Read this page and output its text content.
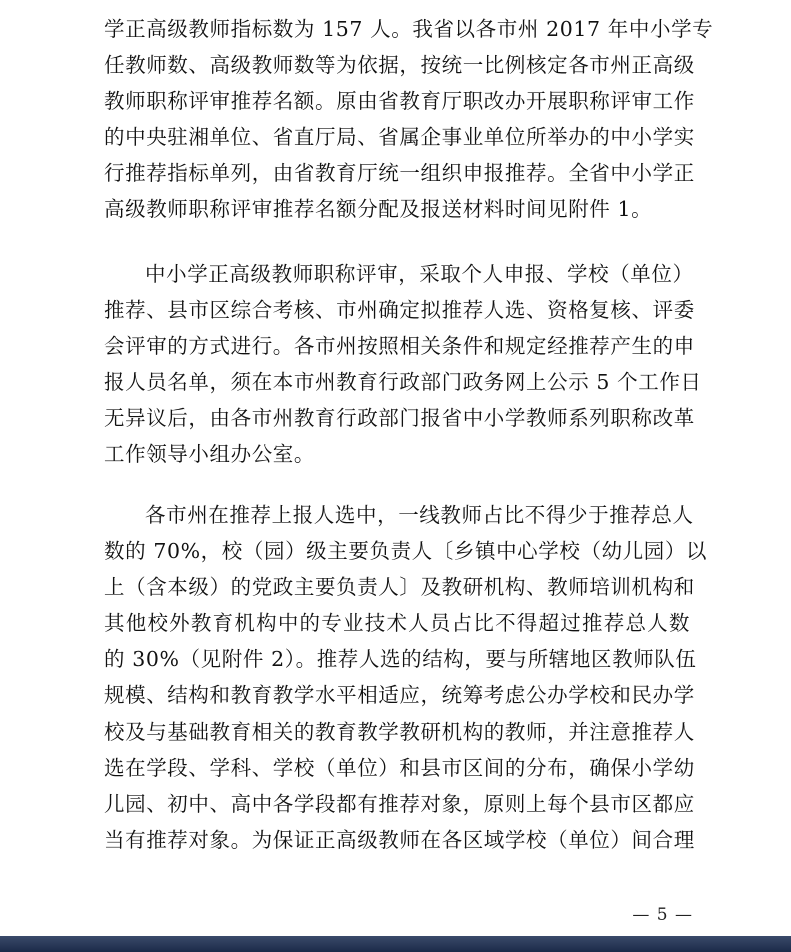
学正高级教师指标数为 157 人。我省以各市州 2017 年中小学专
任教师数、高级教师数等为依据，按统一比例核定各市州正高级
教师职称评审推荐名额。原由省教育厅职改办开展职称评审工作
的中央驻湘单位、省直厅局、省属企事业单位所举办的中小学实
行推荐指标单列，由省教育厅统一组织申报推荐。全省中小学正
高级教师职称评审推荐名额分配及报送材料时间见附件 1。
中小学正高级教师职称评审，采取个人申报、学校（单位）
推荐、县市区综合考核、市州确定拟推荐人选、资格复核、评委
会评审的方式进行。各市州按照相关条件和规定经推荐产生的申
报人员名单，须在本市州教育行政部门政务网上公示 5 个工作日
无异议后，由各市州教育行政部门报省中小学教师系列职称改革
工作领导小组办公室。
各市州在推荐上报人选中，一线教师占比不得少于推荐总人
数的 70%，校（园）级主要负责人〔乡镇中心学校（幼儿园）以
上（含本级）的党政主要负责人〕及教研机构、教师培训机构和
其他校外教育机构中的专业技术人员占比不得超过推荐总人数
的 30%（见附件 2）。推荐人选的结构，要与所辖地区教师队伍
规模、结构和教育教学水平相适应，统筹考虑公办学校和民办学
校及与基础教育相关的教育教学教研机构的教师，并注意推荐人
选在学段、学科、学校（单位）和县市区间的分布，确保小学幼
儿园、初中、高中各学段都有推荐对象，原则上每个县市区都应
当有推荐对象。为保证正高级教师在各区域学校（单位）间合理
— 5 —
